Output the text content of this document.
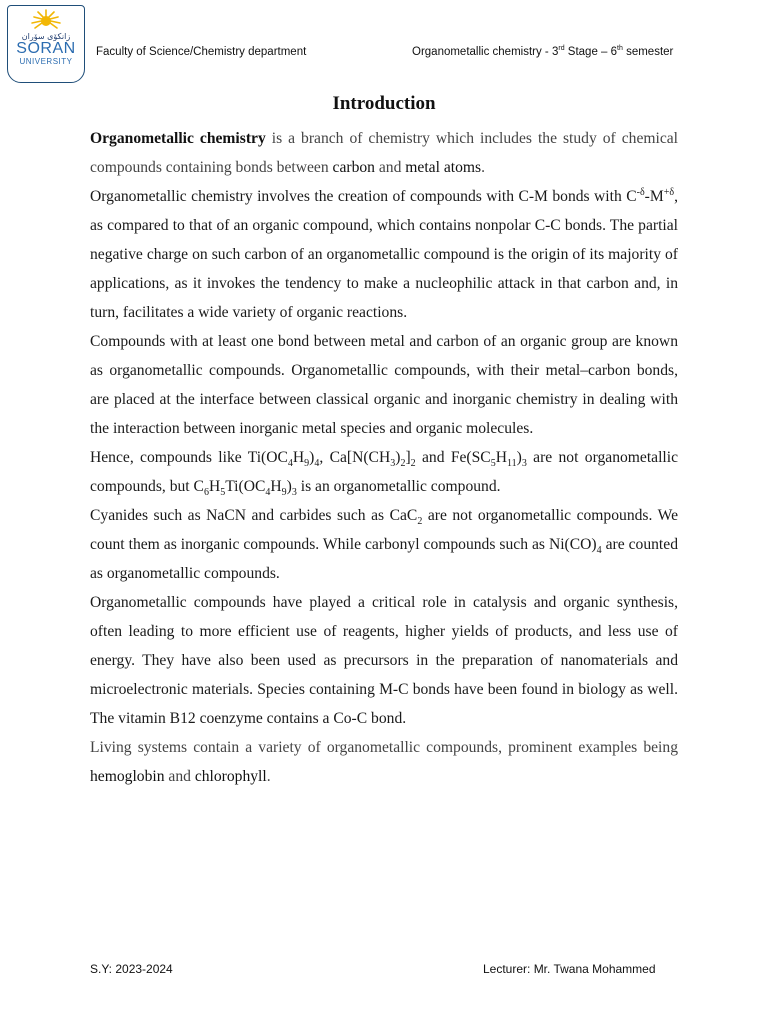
زانكۆی سۆران
SORAN
UNIVERSITY
Faculty of Science/Chemistry department	Organometallic chemistry - 3rd Stage – 6th semester
Introduction

Organometallic chemistry is a branch of chemistry which includes the study of chemical compounds containing bonds between carbon and metal atoms.

Organometallic chemistry involves the creation of compounds with C-M bonds with $C^{-\delta}-M^{+\delta}$, as compared to that of an organic compound, which contains nonpolar C-C bonds. The partial negative charge on such carbon of an organometallic compound is the origin of its majority of applications, as it invokes the tendency to make a nucleophilic attack in that carbon and, in turn, facilitates a wide variety of organic reactions.

Compounds with at least one bond between metal and carbon of an organic group are known as organometallic compounds. Organometallic compounds, with their metal–carbon bonds, are placed at the interface between classical organic and inorganic chemistry in dealing with the interaction between inorganic metal species and organic molecules.

Hence, compounds like $Ti(OC_4H_9)_4$, $Ca[N(CH_3)_2]_2$ and $Fe(SC_5H_{11})_3$ are not organometallic compounds, but $C_6H_5Ti(OC_4H_9)_3$ is an organometallic compound.

Cyanides such as NaCN and carbides such as CaC$_2$ are not organometallic compounds. We count them as inorganic compounds. While carbonyl compounds such as $Ni(CO)_4$ are counted as organometallic compounds.

Organometallic compounds have played a critical role in catalysis and organic synthesis, often leading to more efficient use of reagents, higher yields of products, and less use of energy. They have also been used as precursors in the preparation of nanomaterials and microelectronic materials. Species containing M-C bonds have been found in biology as well. The vitamin B12 coenzyme contains a Co-C bond.

Living systems contain a variety of organometallic compounds, prominent examples being hemoglobin and chlorophyll.

S.Y: 2023-2024	Lecturer: Mr. Twana Mohammed
